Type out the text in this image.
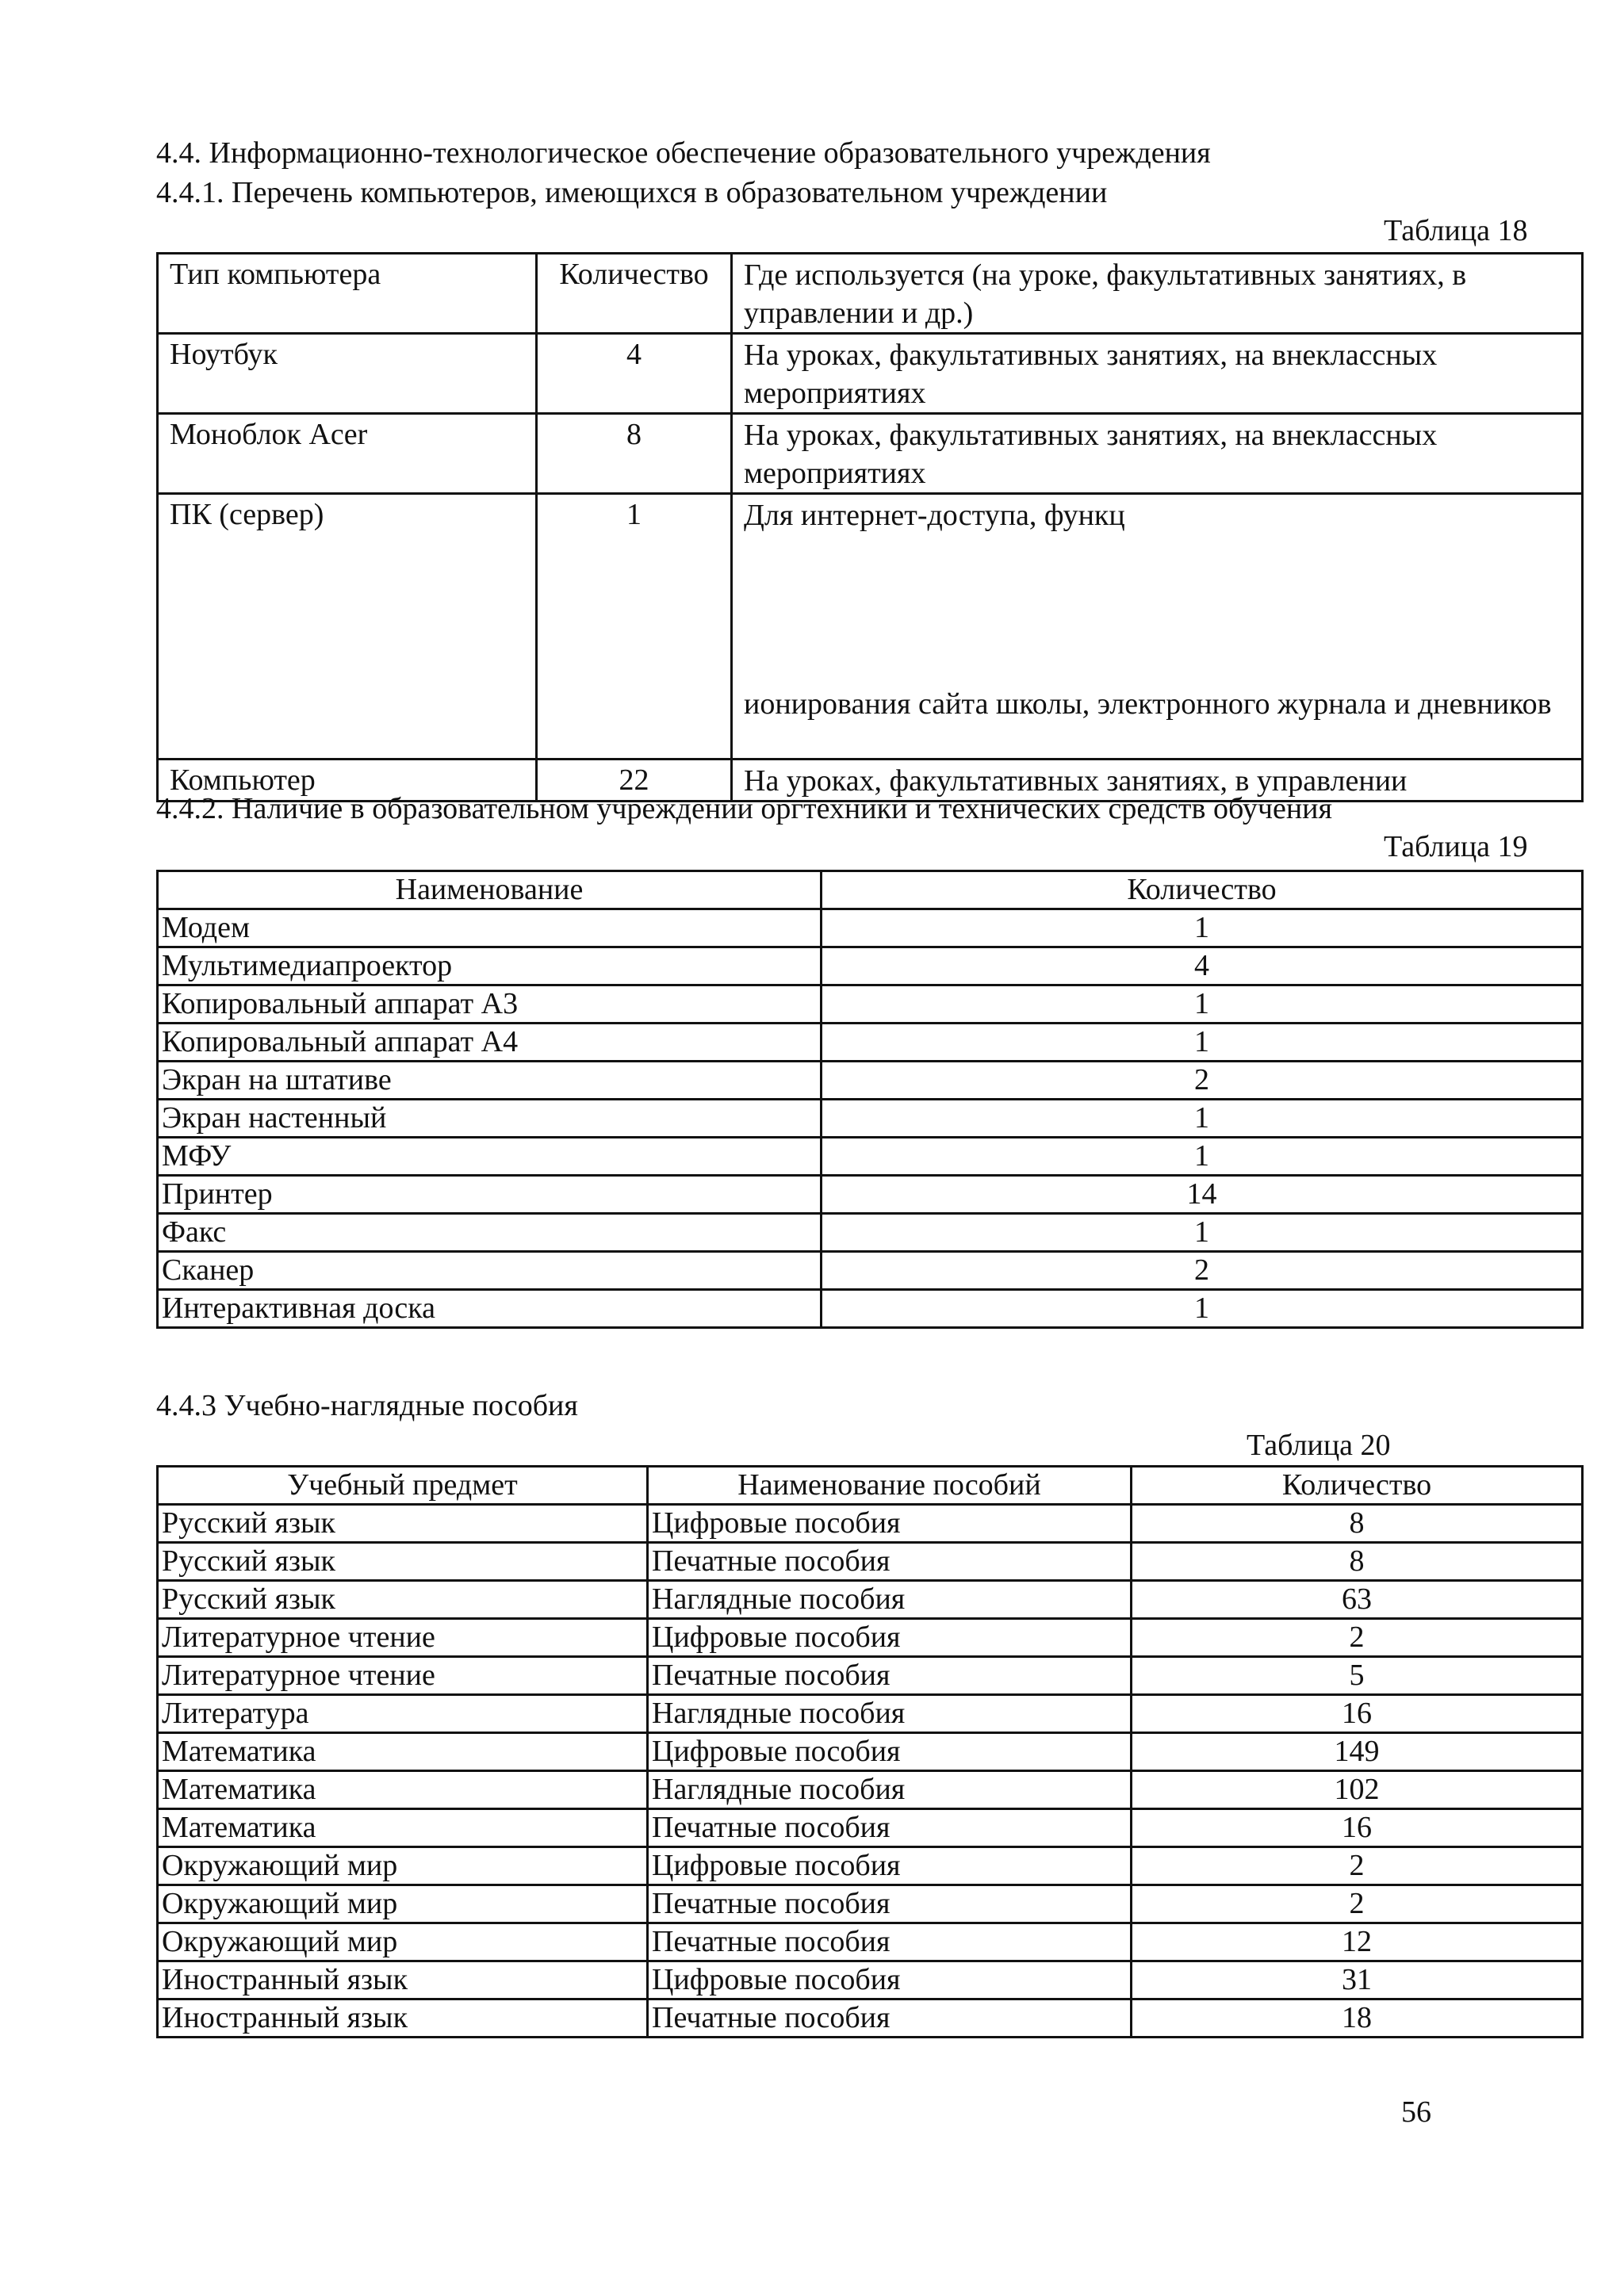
4.4. Информационно-технологическое обеспечение образовательного учреждения
4.4.1. Перечень компьютеров, имеющихся в образовательном учреждении
Таблица 18
Тип компьютера	Количество	Где используется (на уроке, факультативных занятиях, в управлении и др.)
Ноутбук	4	На уроках, факультативных занятиях, на внеклассных мероприятиях
Моноблок Acer	8	На уроках, факультативных занятиях, на внеклассных мероприятиях
ПК (сервер)	1	Для интернет-доступа, функц
ионирования сайта школы, электронного журнала и дневников

Компьютер	22	На уроках, факультативных занятиях, в управлении
4.4.2. Наличие в образовательном учреждении оргтехники и технических средств обучения
Таблица 19
Наименование	Количество
Модем	1
Мультимедиапроектор	4
Копировальный аппарат А3	1
Копировальный аппарат А4	1
Экран на штативе	2
Экран настенный	1
МФУ	1
Принтер	14
Факс	1
Сканер	2
Интерактивная доска	1
4.4.3 Учебно-наглядные пособия
Таблица 20
Учебный предмет	Наименование пособий	Количество
Русский язык	Цифровые пособия	8
Русский язык	Печатные пособия	8
Русский язык	Наглядные пособия	63
Литературное чтение	Цифровые пособия	2
Литературное чтение	Печатные пособия	5
Литература	Наглядные пособия	16
Математика	Цифровые пособия	149
Математика	Наглядные пособия	102
Математика	Печатные пособия	16
Окружающий мир	Цифровые пособия	2
Окружающий мир	Печатные пособия	2
Окружающий мир	Печатные пособия	12
Иностранный язык	Цифровые пособия	31
Иностранный язык	Печатные пособия	18
56
